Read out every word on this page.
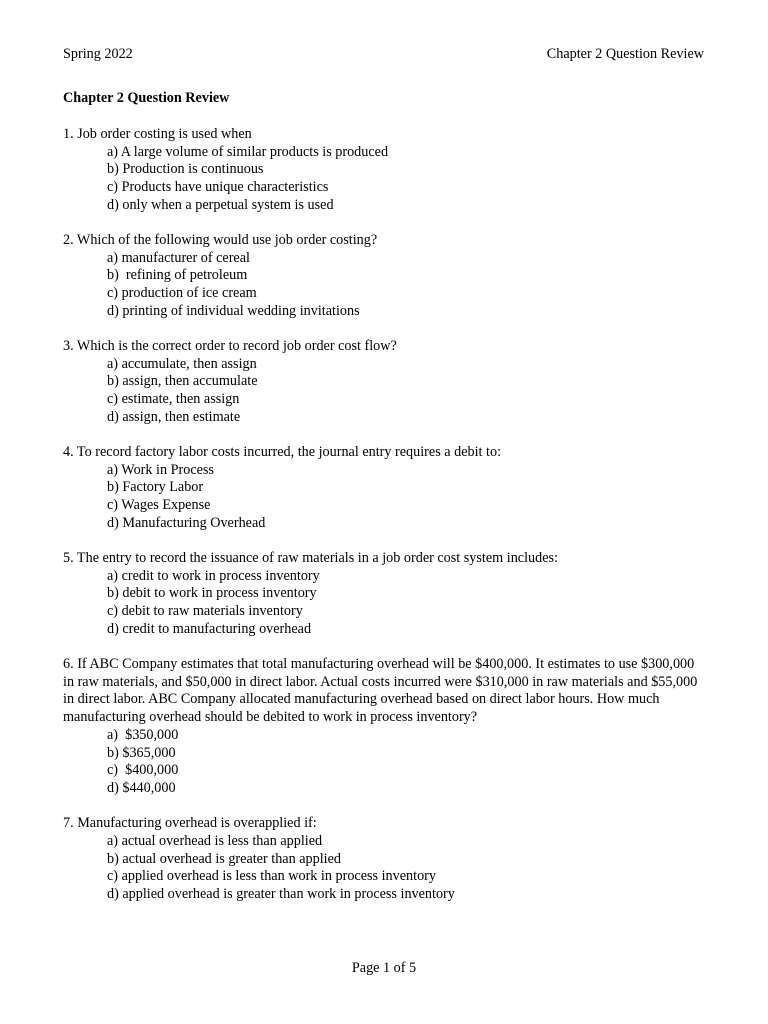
Spring 2022	Chapter 2 Question Review
Chapter 2 Question Review
1. Job order costing is used when
a) A large volume of similar products is produced
b) Production is continuous
c) Products have unique characteristics
d) only when a perpetual system is used
2. Which of the following would use job order costing?
a) manufacturer of cereal
b)  refining of petroleum
c) production of ice cream
d) printing of individual wedding invitations
3. Which is the correct order to record job order cost flow?
a) accumulate, then assign
b) assign, then accumulate
c) estimate, then assign
d) assign, then estimate
4. To record factory labor costs incurred, the journal entry requires a debit to:
a) Work in Process
b) Factory Labor
c) Wages Expense
d) Manufacturing Overhead
5. The entry to record the issuance of raw materials in a job order cost system includes:
a) credit to work in process inventory
b) debit to work in process inventory
c) debit to raw materials inventory
d) credit to manufacturing overhead
6. If ABC Company estimates that total manufacturing overhead will be $400,000. It estimates to use $300,000 in raw materials, and $50,000 in direct labor. Actual costs incurred were $310,000 in raw materials and $55,000 in direct labor. ABC Company allocated manufacturing overhead based on direct labor hours. How much manufacturing overhead should be debited to work in process inventory?
a)  $350,000
b) $365,000
c)  $400,000
d) $440,000
7. Manufacturing overhead is overapplied if:
a) actual overhead is less than applied
b) actual overhead is greater than applied
c) applied overhead is less than work in process inventory
d) applied overhead is greater than work in process inventory
Page 1 of 5
